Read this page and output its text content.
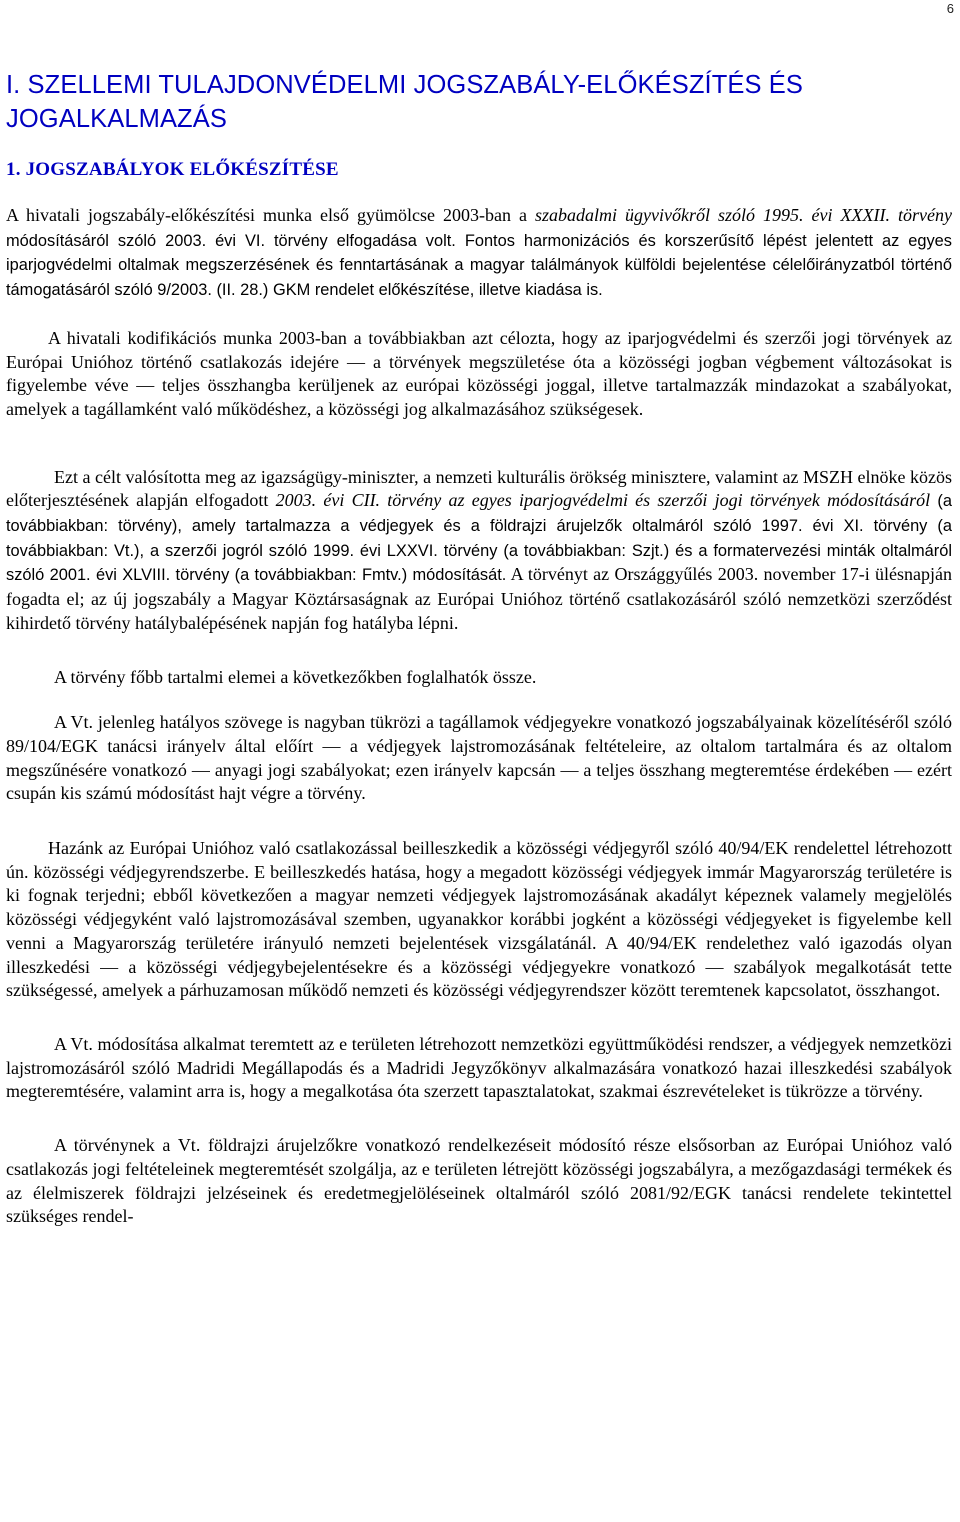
6
I. SZELLEMI TULAJDONVÉDELMI JOGSZABÁLY-ELŐKÉSZÍTÉS ÉS JOGALKALMAZÁS
1. JOGSZABÁLYOK ELŐKÉSZÍTÉSE

A hivatali jogszabály-előkészítési munka első gyümölcse 2003-ban a szabadalmi ügyvivőkről szóló 1995. évi XXXII. törvény módosításáról szóló 2003. évi VI. törvény elfogadása volt. Fontos harmonizációs és korszerűsítő lépést jelentett az egyes iparjogvédelmi oltalmak megszerzésének és fenntartásának a magyar találmányok külföldi bejelentése célelőirányzatból történő támogatásáról szóló 9/2003. (II. 28.) GKM rendelet előkészítése, illetve kiadása is.

A hivatali kodifikációs munka 2003-ban a továbbiakban azt célozta, hogy az iparjogvédelmi és szerzői jogi törvények az Európai Unióhoz történő csatlakozás idejére — a törvények megszületése óta a közösségi jogban végbement változásokat is figyelembe véve — teljes összhangba kerüljenek az európai közösségi joggal, illetve tartalmazzák mindazokat a szabályokat, amelyek a tagállamként való működéshez, a közösségi jog alkalmazásához szükségesek.

Ezt a célt valósította meg az igazságügy-miniszter, a nemzeti kulturális örökség minisztere, valamint az MSZH elnöke közös előterjesztésének alapján elfogadott 2003. évi CII. törvény az egyes iparjogvédelmi és szerzői jogi törvények módosításáról (a továbbiakban: törvény), amely tartalmazza a védjegyek és a földrajzi árujelzők oltalmáról szóló 1997. évi XI. törvény (a továbbiakban: Vt.), a szerzői jogról szóló 1999. évi LXXVI. törvény (a továbbiakban: Szjt.) és a formatervezési minták oltalmáról szóló 2001. évi XLVIII. törvény (a továbbiakban: Fmtv.) módosítását. A törvényt az Országgyűlés 2003. november 17-i ülésnapján fogadta el; az új jogszabály a Magyar Köztársaságnak az Európai Unióhoz történő csatlakozásáról szóló nemzetközi szerződést kihirdető törvény hatálybalépésének napján fog hatályba lépni.

A törvény főbb tartalmi elemei a következőkben foglalhatók össze.

A Vt. jelenleg hatályos szövege is nagyban tükrözi a tagállamok védjegyekre vonatkozó jogszabályainak közelítéséről szóló 89/104/EGK tanácsi irányelv által előírt — a védjegyek lajstromozásának feltételeire, az oltalom tartalmára és az oltalom megszűnésére vonatkozó — anyagi jogi szabályokat; ezen irányelv kapcsán — a teljes összhang megteremtése érdekében — ezért csupán kis számú módosítást hajt végre a törvény.

Hazánk az Európai Unióhoz való csatlakozással beilleszkedik a közösségi védjegyről szóló 40/94/EK rendelettel létrehozott ún. közösségi védjegyrendszerbe. E beilleszkedés hatása, hogy a megadott közösségi védjegyek immár Magyarország területére is ki fognak terjedni; ebből következően a magyar nemzeti védjegyek lajstromozásának akadályt képeznek valamely megjelölés közösségi védjegyként való lajstromozásával szemben, ugyanakkor korábbi jogként a közösségi védjegyeket is figyelembe kell venni a Magyarország területére irányuló nemzeti bejelentések vizsgálatánál. A 40/94/EK rendelethez való igazodás olyan illeszkedési — a közösségi védjegybejelentésekre és a közösségi védjegyekre vonatkozó — szabályok megalkotását tette szükségessé, amelyek a párhuzamosan működő nemzeti és közösségi védjegyrendszer között teremtenek kapcsolatot, összhangot.

A Vt. módosítása alkalmat teremtett az e területen létrehozott nemzetközi együttműködési rendszer, a védjegyek nemzetközi lajstromozásáról szóló Madridi Megállapodás és a Madridi Jegyzőkönyv alkalmazására vonatkozó hazai illeszkedési szabályok megteremtésére, valamint arra is, hogy a megalkotása óta szerzett tapasztalatokat, szakmai észrevételeket is tükrözze a törvény.

A törvénynek a Vt. földrajzi árujelzőkre vonatkozó rendelkezéseit módosító része elsősorban az Európai Unióhoz való csatlakozás jogi feltételeinek megteremtését szolgálja, az e területen létrejött közösségi jogszabályra, a mezőgazdasági termékek és az élelmiszerek földrajzi jelzéseinek és eredetmegjelöléseinek oltalmáról szóló 2081/92/EGK tanácsi rendelete tekintettel szükséges rendel-
